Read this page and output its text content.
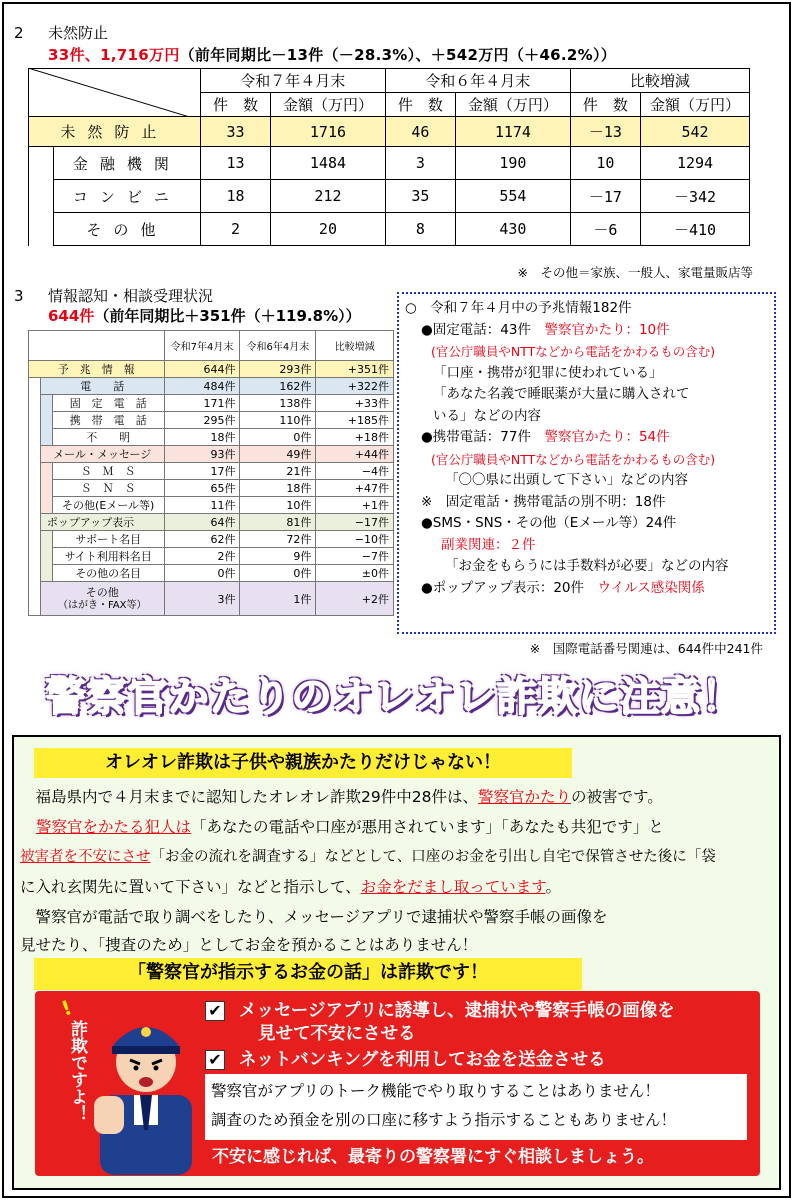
2 未然防止
33件、1,716万円（前年同期比－13件（－28.3%）、＋542万円（＋46.2%））
		令和７年４月末		令和６年４月末		比較増減	
		件　数	金額（万円）	件　数	金額（万円）	件　数	金額（万円）
未然防止		33	1716	46	1174	－13	542
	金融機関	13	1484	3	190	10	1294
	コンビニ	18	212	35	554	－17	－342
	その他	2	20	8	430	－6	－410
※　その他＝家族、一般人、家電量販店等
3 情報認知・相談受理状況
644件（前年同期比＋351件（＋119.8%））
			令和7年4月末	令和6年4月末	比較増減
予　兆　情　報			644件	293件	+351件
	電　　話		484件	162件	+322件
		固　定　電　話	171件	138件	+33件
		携　帯　電　話	295件	110件	+185件
		不　　明	18件	0件	+18件
	メール・メッセージ		93件	49件	+44件
		Ｓ　Ｍ　Ｓ	17件	21件	−4件
		Ｓ　Ｎ　Ｓ	65件	18件	+47件
		その他(Eメール等)	11件	10件	+1件
	ポップアップ表示		64件	81件	−17件
		サポート名目	62件	72件	−10件
		サイト利用料名目	2件	9件	−7件
		その他の名目	0件	0件	±0件

	その他
（はがき・FAX等）		3件	1件	+2件
○　令和７年４月中の予兆情報182件
●固定電話：43件　警察官かたり：10件
(官公庁職員やNTTなどから電話をかわるもの含む)
「口座・携帯が犯罪に使われている」
「あなた名義で睡眠薬が大量に購入されて
いる」などの内容
●携帯電話：77件　警察官かたり：54件
(官公庁職員やNTTなどから電話をかわるもの含む)
「〇〇県に出頭して下さい」などの内容
※　固定電話・携帯電話の別不明：18件
●SMS・SNS・その他（Eメール等）24件
副業関連：２件
「お金をもらうには手数料が必要」などの内容
●ポップアップ表示：20件　ウイルス感染関係
※　国際電話番号関連は、644件中241件
警察官かたりのオレオレ詐欺に注意！
オレオレ詐欺は子供や親族かたりだけじゃない！
　福島県内で４月末までに認知したオレオレ詐欺29件中28件は、警察官かたりの被害です。
警察官をかたる犯人は「あなたの電話や口座が悪用されています」「あなたも共犯です」と
被害者を不安にさせ「お金の流れを調査する」などとして、口座のお金を引出し自宅で保管させた後に「袋
に入れ玄関先に置いて下さい」などと指示して、お金をだまし取っています。
　警察官が電話で取り調べをしたり、メッセージアプリで逮捕状や警察手帳の画像を
見せたり、「捜査のため」としてお金を預かることはありません！
「警察官が指示するお金の話」は詐欺です！
!
詐欺ですよ！
✔ メッセージアプリに誘導し、逮捕状や警察手帳の画像を
見せて不安にさせる
✔ ネットバンキングを利用してお金を送金させる
警察官がアプリのトーク機能でやり取りすることはありません！
調査のため預金を別の口座に移すよう指示することもありません！
不安に感じれば、最寄りの警察署にすぐ相談しましょう。
